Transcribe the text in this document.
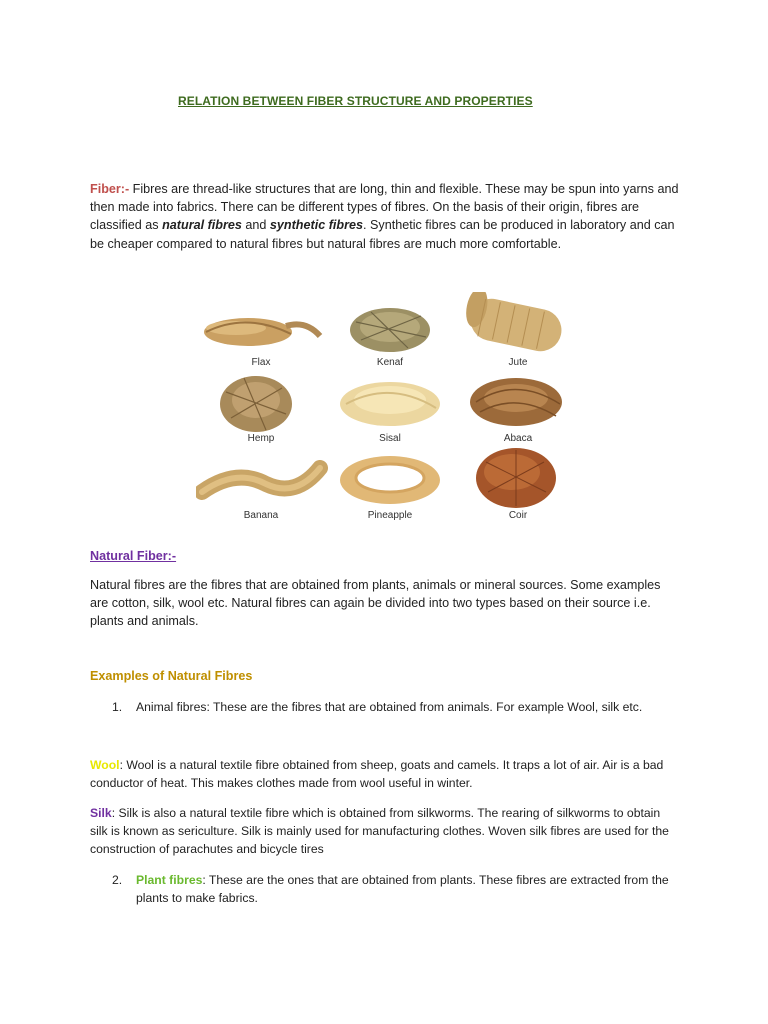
RELATION BETWEEN FIBER STRUCTURE AND PROPERTIES
Fiber:- Fibres are thread-like structures that are long, thin and flexible. These may be spun into yarns and then made into fabrics. There can be different types of fibres. On the basis of their origin, fibres are classified as natural fibres and synthetic fibres. Synthetic fibres can be produced in laboratory and can be cheaper compared to natural fibres but natural fibres are much more comfortable.
Flax	Kenaf	Jute
Hemp	Sisal	Abaca
Banana	Pineapple	Coir
Natural Fiber:-
Natural fibres are the fibres that are obtained from plants, animals or mineral sources. Some examples are cotton, silk, wool etc. Natural fibres can again be divided into two types based on their source i.e. plants and animals.
Examples of Natural Fibres
1. Animal fibres: These are the fibres that are obtained from animals. For example Wool, silk etc.
Wool: Wool is a natural textile fibre obtained from sheep, goats and camels. It traps a lot of air. Air is a bad conductor of heat. This makes clothes made from wool useful in winter.
Silk: Silk is also a natural textile fibre which is obtained from silkworms. The rearing of silkworms to obtain silk is known as sericulture. Silk is mainly used for manufacturing clothes. Woven silk fibres are used for the construction of parachutes and bicycle tires
2. Plant fibres: These are the ones that are obtained from plants. These fibres are extracted from the plants to make fabrics.
